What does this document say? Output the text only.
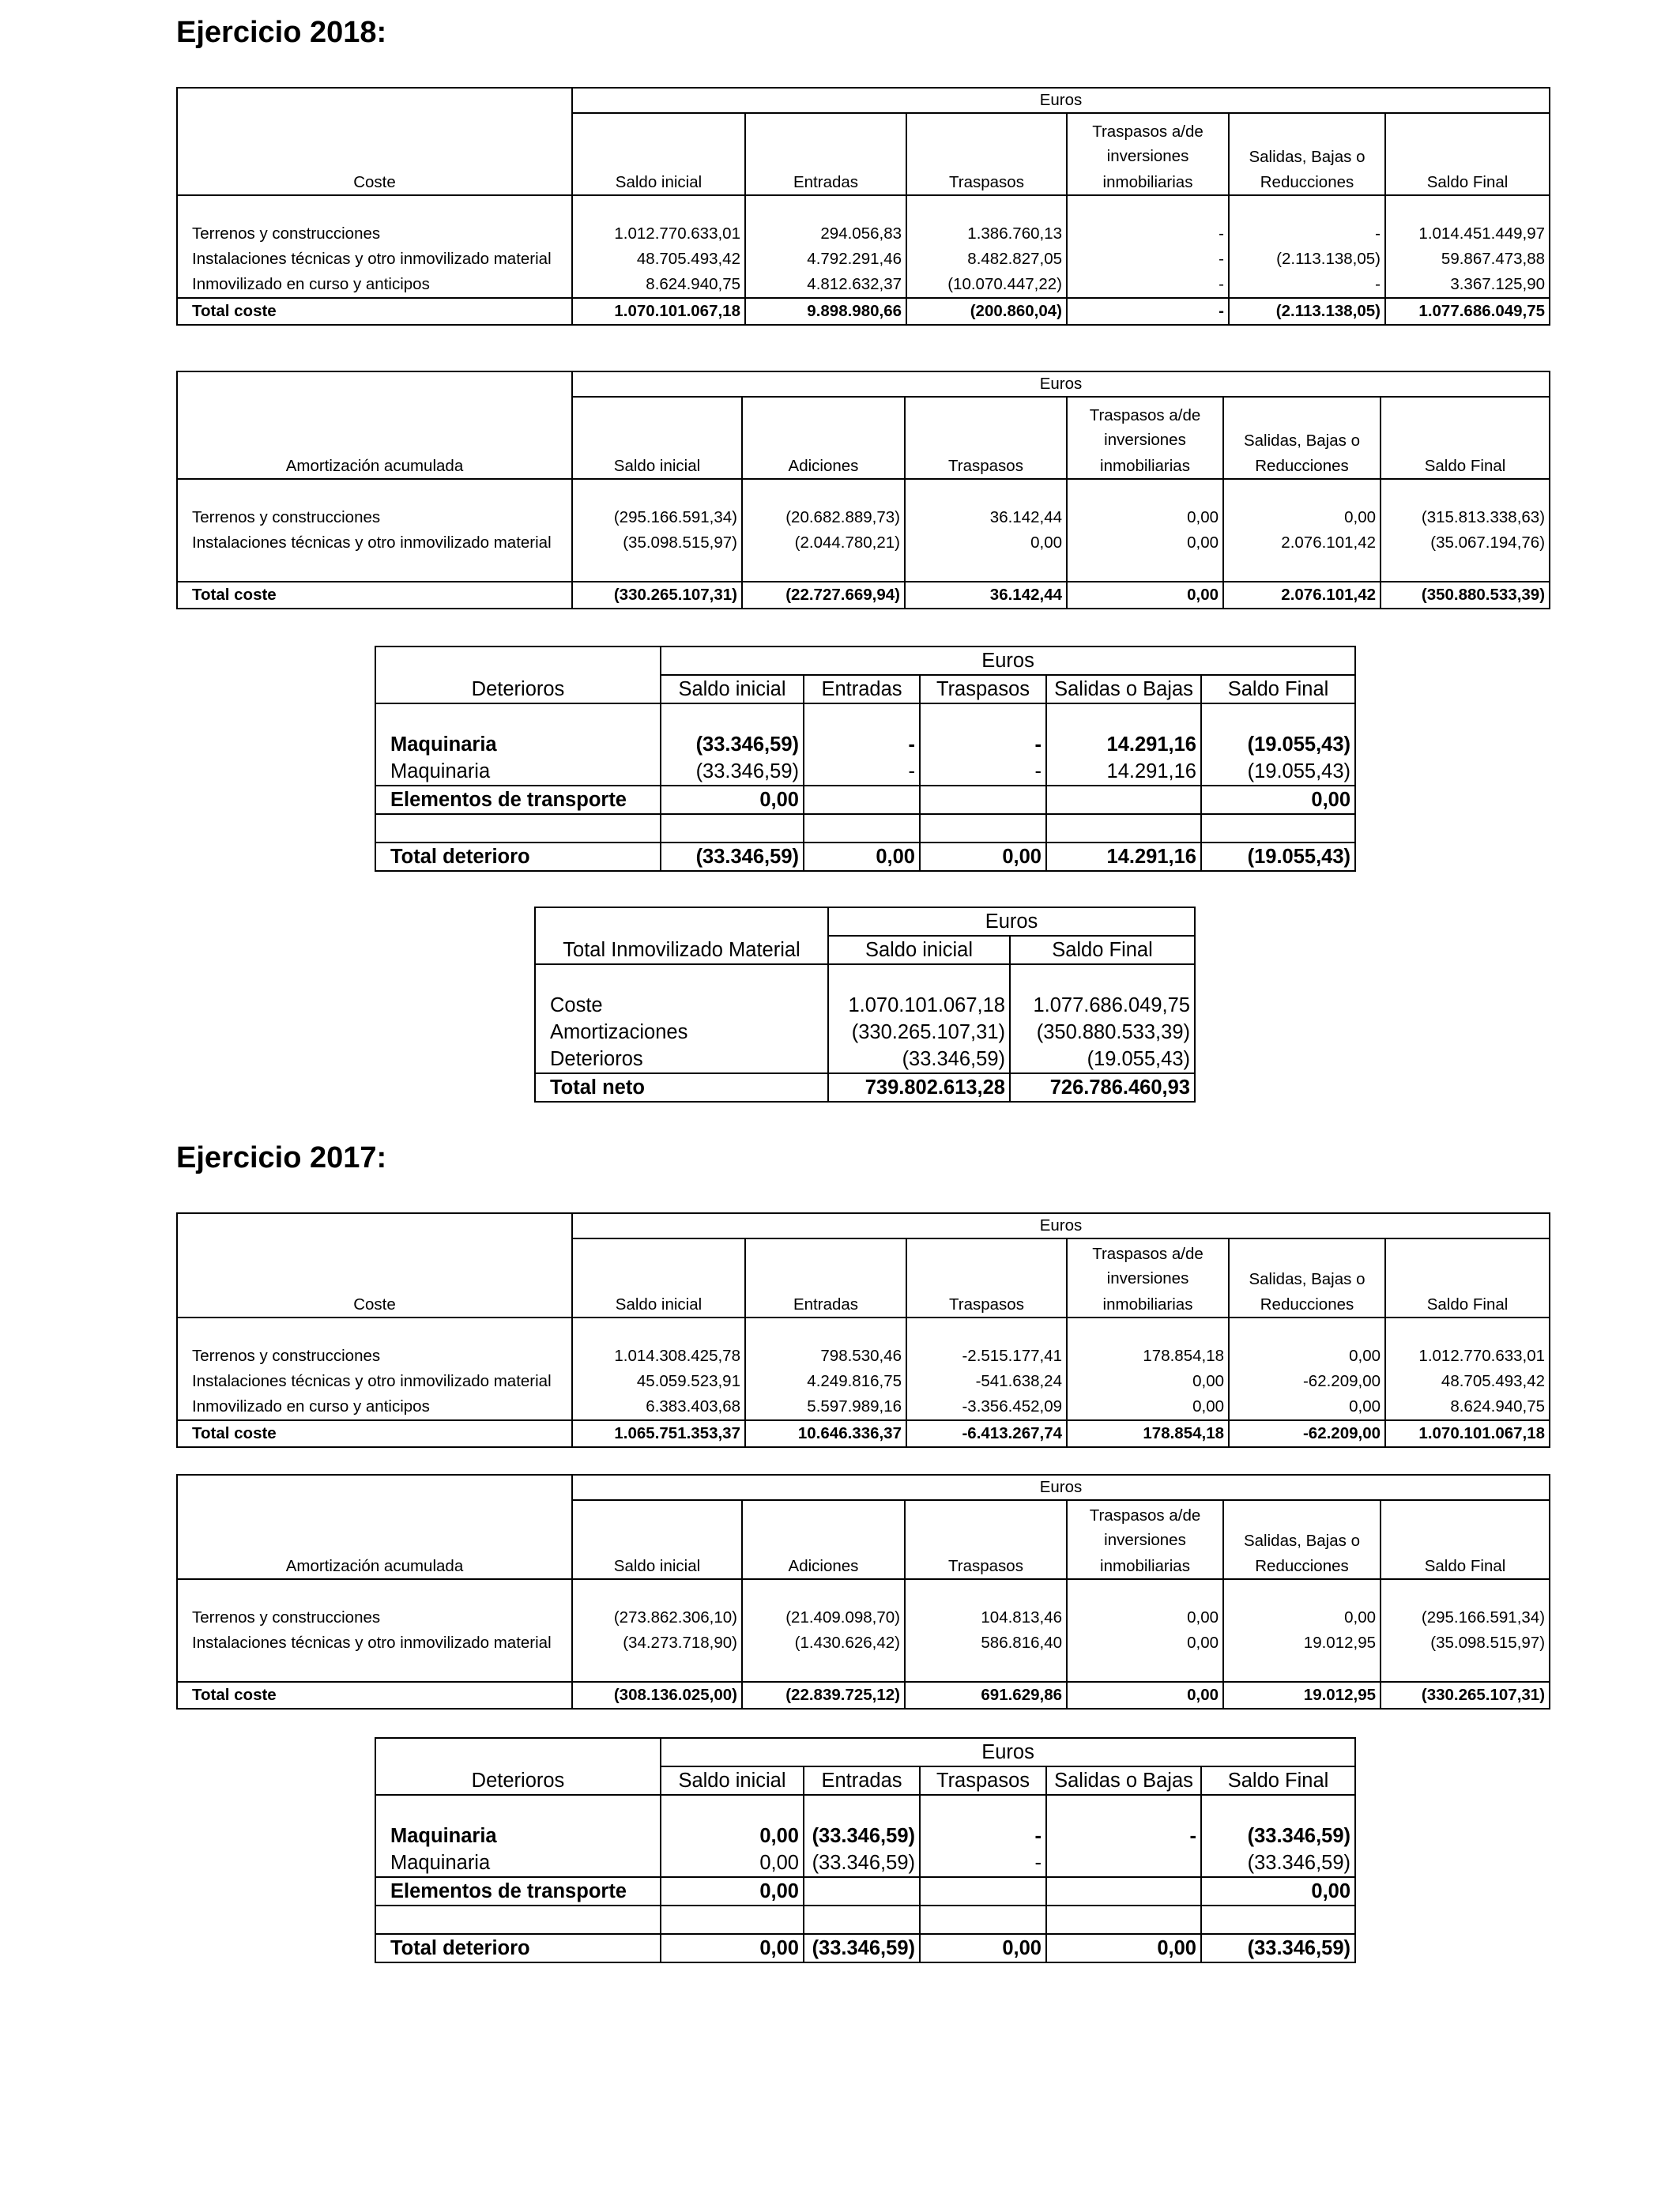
Ejercicio 2018:
	Euros					
				Traspasos a/de		
				inversiones	Salidas, Bajas o	
Coste	Saldo inicial	Entradas	Traspasos	inmobiliarias	Reducciones	Saldo Final

Terrenos y construcciones	1.012.770.633,01	294.056,83	1.386.760,13	-	-	1.014.451.449,97
Instalaciones técnicas y otro inmovilizado material	48.705.493,42	4.792.291,46	8.482.827,05	-	(2.113.138,05)	59.867.473,88
Inmovilizado en curso y anticipos	8.624.940,75	4.812.632,37	(10.070.447,22)	-	-	3.367.125,90
Total coste	1.070.101.067,18	9.898.980,66	(200.860,04)	-	(2.113.138,05)	1.077.686.049,75
	Euros					
				Traspasos a/de		
				inversiones	Salidas, Bajas o	
Amortización acumulada	Saldo inicial	Adiciones	Traspasos	inmobiliarias	Reducciones	Saldo Final

Terrenos y construcciones	(295.166.591,34)	(20.682.889,73)	36.142,44	0,00	0,00	(315.813.338,63)
Instalaciones técnicas y otro inmovilizado material	(35.098.515,97)	(2.044.780,21)	0,00	0,00	2.076.101,42	(35.067.194,76)

Total coste	(330.265.107,31)	(22.727.669,94)	36.142,44	0,00	2.076.101,42	(350.880.533,39)
	Euros				
Deterioros	Saldo inicial	Entradas	Traspasos	Salidas o Bajas	Saldo Final

Maquinaria	(33.346,59)	-	-	14.291,16	(19.055,43)
Maquinaria	(33.346,59)	-	-	14.291,16	(19.055,43)
Elementos de transporte	0,00				0,00

Total deterioro	(33.346,59)	0,00	0,00	14.291,16	(19.055,43)
	Euros	
Total Inmovilizado Material	Saldo inicial	Saldo Final

Coste	1.070.101.067,18	1.077.686.049,75
Amortizaciones	(330.265.107,31)	(350.880.533,39)
Deterioros	(33.346,59)	(19.055,43)
Total neto	739.802.613,28	726.786.460,93
Ejercicio 2017:
	Euros					
				Traspasos a/de		
				inversiones	Salidas, Bajas o	
Coste	Saldo inicial	Entradas	Traspasos	inmobiliarias	Reducciones	Saldo Final

Terrenos y construcciones	1.014.308.425,78	798.530,46	-2.515.177,41	178.854,18	0,00	1.012.770.633,01
Instalaciones técnicas y otro inmovilizado material	45.059.523,91	4.249.816,75	-541.638,24	0,00	-62.209,00	48.705.493,42
Inmovilizado en curso y anticipos	6.383.403,68	5.597.989,16	-3.356.452,09	0,00	0,00	8.624.940,75
Total coste	1.065.751.353,37	10.646.336,37	-6.413.267,74	178.854,18	-62.209,00	1.070.101.067,18
	Euros					
				Traspasos a/de		
				inversiones	Salidas, Bajas o	
Amortización acumulada	Saldo inicial	Adiciones	Traspasos	inmobiliarias	Reducciones	Saldo Final

Terrenos y construcciones	(273.862.306,10)	(21.409.098,70)	104.813,46	0,00	0,00	(295.166.591,34)
Instalaciones técnicas y otro inmovilizado material	(34.273.718,90)	(1.430.626,42)	586.816,40	0,00	19.012,95	(35.098.515,97)

Total coste	(308.136.025,00)	(22.839.725,12)	691.629,86	0,00	19.012,95	(330.265.107,31)
	Euros				
Deterioros	Saldo inicial	Entradas	Traspasos	Salidas o Bajas	Saldo Final

Maquinaria	0,00	(33.346,59)	-	-	(33.346,59)
Maquinaria	0,00	(33.346,59)	-		(33.346,59)
Elementos de transporte	0,00				0,00

Total deterioro	0,00	(33.346,59)	0,00	0,00	(33.346,59)
